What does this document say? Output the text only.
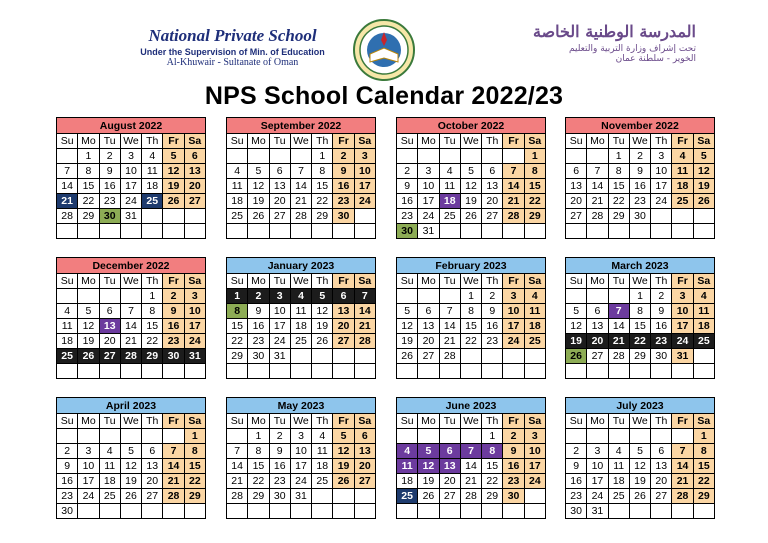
National Private School
Under the Supervision of Min. of Education
Al-Khuwair - Sultanate of Oman
المدرسة الوطنية الخاصة
تحت إشراف وزارة التربية والتعليم
الخوير - سلطنة عمان
NPS School Calendar 2022/23
August 2022						
Su	Mo	Tu	We	Th	Fr	Sa
	1	2	3	4	5	6
7	8	9	10	11	12	13
14	15	16	17	18	19	20
21	22	23	24	25	26	27
28	29	30	31			

September 2022						
Su	Mo	Tu	We	Th	Fr	Sa
				1	2	3
4	5	6	7	8	9	10
11	12	13	14	15	16	17
18	19	20	21	22	23	24
25	26	27	28	29	30	

October 2022						
Su	Mo	Tu	We	Th	Fr	Sa
						1
2	3	4	5	6	7	8
9	10	11	12	13	14	15
16	17	18	19	20	21	22
23	24	25	26	27	28	29
30	31					
November 2022						
Su	Mo	Tu	We	Th	Fr	Sa
		1	2	3	4	5
6	7	8	9	10	11	12
13	14	15	16	17	18	19
20	21	22	23	24	25	26
27	28	29	30			

December 2022						
Su	Mo	Tu	We	Th	Fr	Sa
				1	2	3
4	5	6	7	8	9	10
11	12	13	14	15	16	17
18	19	20	21	22	23	24
25	26	27	28	29	30	31

January 2023						
Su	Mo	Tu	We	Th	Fr	Sa
1	2	3	4	5	6	7
8	9	10	11	12	13	14
15	16	17	18	19	20	21
22	23	24	25	26	27	28
29	30	31				

February 2023						
Su	Mo	Tu	We	Th	Fr	Sa
			1	2	3	4
5	6	7	8	9	10	11
12	13	14	15	16	17	18
19	20	21	22	23	24	25
26	27	28				

March 2023						
Su	Mo	Tu	We	Th	Fr	Sa
			1	2	3	4
5	6	7	8	9	10	11
12	13	14	15	16	17	18
19	20	21	22	23	24	25
26	27	28	29	30	31	

April 2023						
Su	Mo	Tu	We	Th	Fr	Sa
						1
2	3	4	5	6	7	8
9	10	11	12	13	14	15
16	17	18	19	20	21	22
23	24	25	26	27	28	29
30						
May 2023						
Su	Mo	Tu	We	Th	Fr	Sa
	1	2	3	4	5	6
7	8	9	10	11	12	13
14	15	16	17	18	19	20
21	22	23	24	25	26	27
28	29	30	31			

June 2023						
Su	Mo	Tu	We	Th	Fr	Sa
				1	2	3
4	5	6	7	8	9	10
11	12	13	14	15	16	17
18	19	20	21	22	23	24
25	26	27	28	29	30	

July 2023						
Su	Mo	Tu	We	Th	Fr	Sa
						1
2	3	4	5	6	7	8
9	10	11	12	13	14	15
16	17	18	19	20	21	22
23	24	25	26	27	28	29
30	31					
